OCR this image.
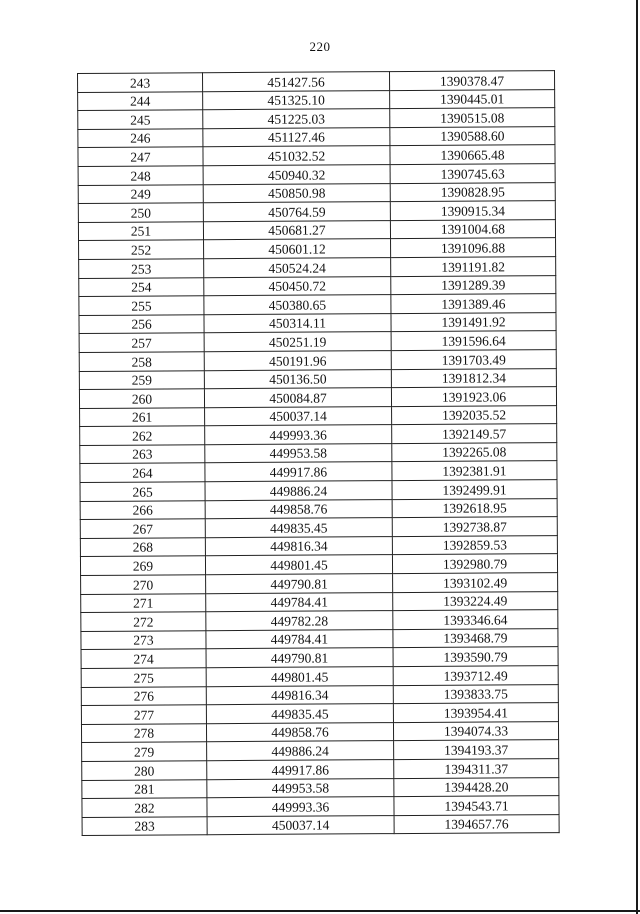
220
243	451427.56	1390378.47
244	451325.10	1390445.01
245	451225.03	1390515.08
246	451127.46	1390588.60
247	451032.52	1390665.48
248	450940.32	1390745.63
249	450850.98	1390828.95
250	450764.59	1390915.34
251	450681.27	1391004.68
252	450601.12	1391096.88
253	450524.24	1391191.82
254	450450.72	1391289.39
255	450380.65	1391389.46
256	450314.11	1391491.92
257	450251.19	1391596.64
258	450191.96	1391703.49
259	450136.50	1391812.34
260	450084.87	1391923.06
261	450037.14	1392035.52
262	449993.36	1392149.57
263	449953.58	1392265.08
264	449917.86	1392381.91
265	449886.24	1392499.91
266	449858.76	1392618.95
267	449835.45	1392738.87
268	449816.34	1392859.53
269	449801.45	1392980.79
270	449790.81	1393102.49
271	449784.41	1393224.49
272	449782.28	1393346.64
273	449784.41	1393468.79
274	449790.81	1393590.79
275	449801.45	1393712.49
276	449816.34	1393833.75
277	449835.45	1393954.41
278	449858.76	1394074.33
279	449886.24	1394193.37
280	449917.86	1394311.37
281	449953.58	1394428.20
282	449993.36	1394543.71
283	450037.14	1394657.76
